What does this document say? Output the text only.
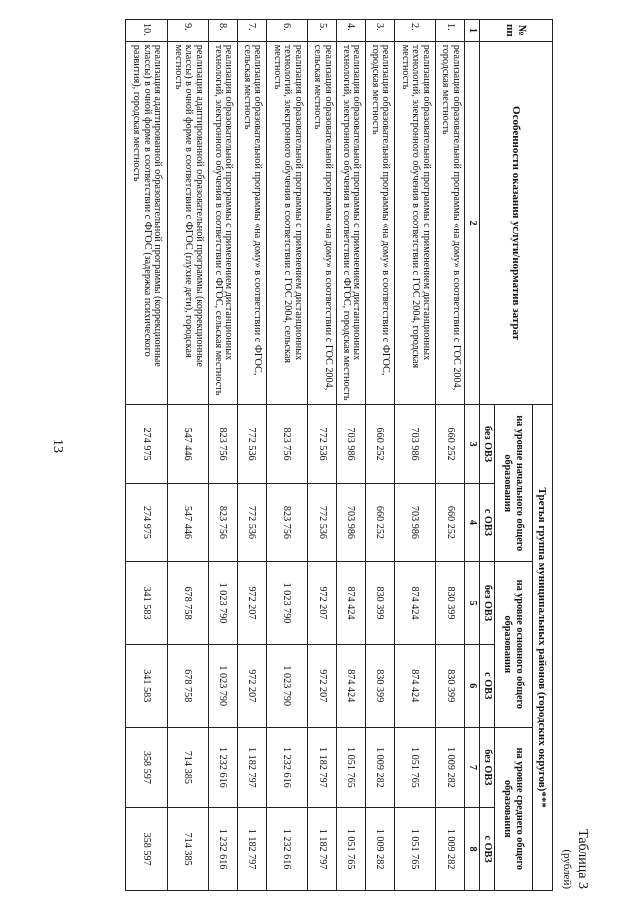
13
Таблица 3
(рублей)
№ пп	Особенности оказания услуги/норматив затрат	Третья группа муниципальных районов (городских округов)***					
		на уровне начального общего образования		на уровне основного общего образования		на уровне среднего общего образования	
		без ОВЗ	с ОВЗ	без ОВЗ	с ОВЗ	без ОВЗ	с ОВЗ
1	2	3	4	5	6	7	8
1.	реализация образовательной программы «на дому» в соответствии с ГОС 2004, городская местность	660 252	660 252	830 399	830 399	1 009 282	1 009 282
2.	реализация образовательной программы с применением дистанционных технологий, электронного обучения в соответствии с ГОС 2004, городская местность	703 986	703 986	874 424	874 424	1 051 765	1 051 765
3.	реализация образовательной программы «на дому» в соответствии с ФГОС, городская местность	660 252	660 252	830 399	830 399	1 009 282	1 009 282
4.	реализация образовательной программы с применением дистанционных технологий, электронного обучения в соответствии с ФГОС, городская местность	703 986	703 986	874 424	874 424	1 051 765	1 051 765
5.	реализация образовательной программы «на дому» в соответствии с ГОС 2004, сельская местность	772 536	772 536	972 207	972 207	1 182 797	1 182 797
6.	реализация образовательной программы с применением дистанционных технологий, электронного обучения в соответствии с ГОС 2004, сельская местность	823 756	823 756	1 023 790	1 023 790	1 232 616	1 232 616
7.	реализация образовательной программы «на дому» в соответствии с ФГОС, сельская местность	772 536	772 536	972 207	972 207	1 182 797	1 182 797
8.	реализация образовательной программы с применением дистанционных технологий, электронного обучения в соответствии с ФГОС, сельская местность	823 756	823 756	1 023 790	1 023 790	1 232 616	1 232 616
9.	реализация адаптированной образовательной программы (коррекционные классы) в очной форме в соответствии с ФГОС (глухие дети), городская местность	547 446	547 446	678 758	678 758	714 385	714 385
10.	реализация адаптированной образовательной программы (коррекционные классы) в очной форме в соответствии с ФГОС (задержка психического развития), городская местность	274 975	274 975	341 583	341 583	358 597	358 597
